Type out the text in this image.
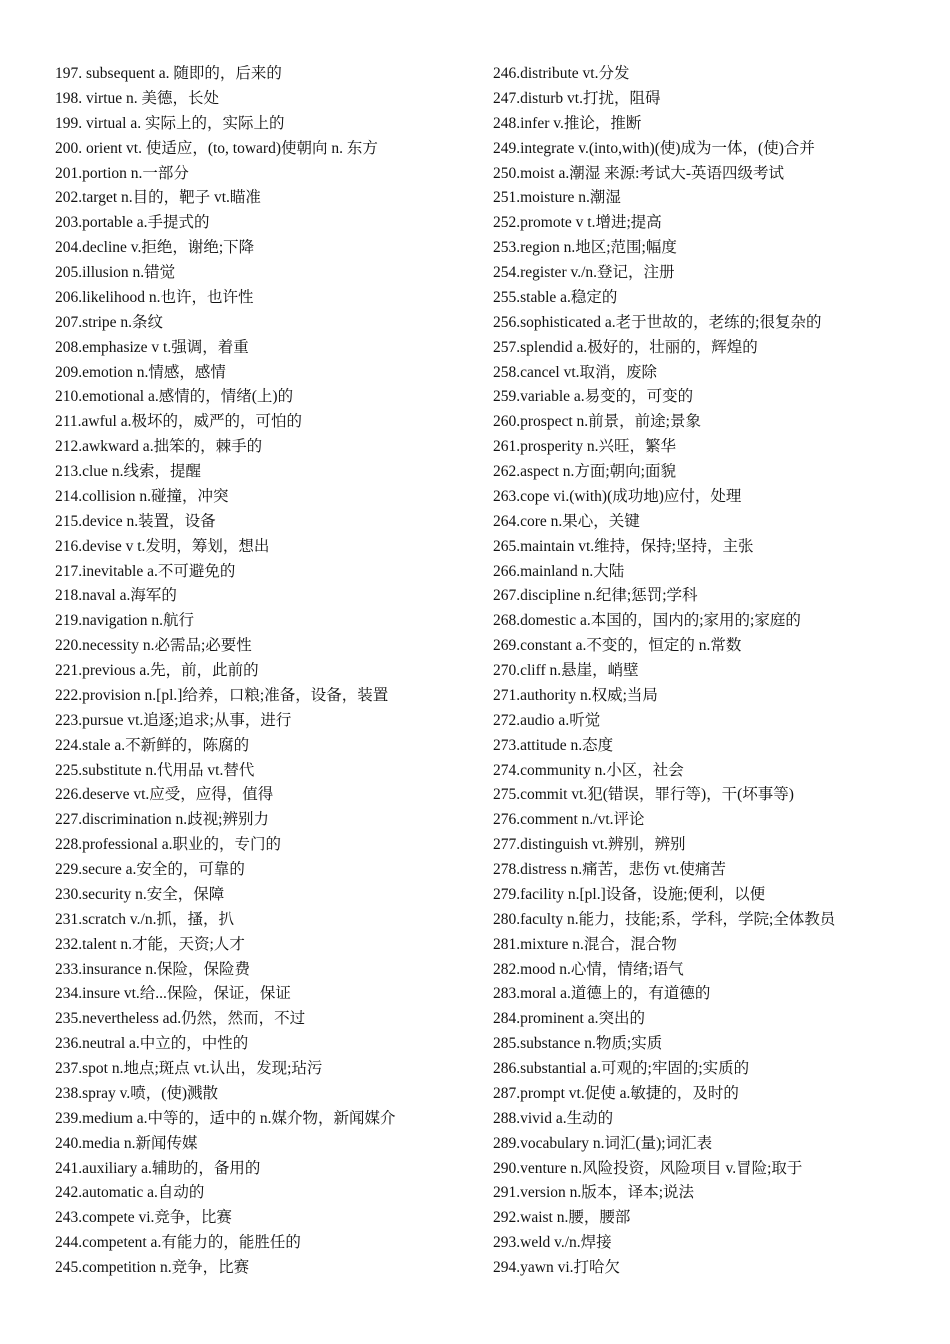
197. subsequent a. 随即的，后来的
198. virtue n. 美德，长处
199. virtual a. 实际上的，实际上的
200. orient vt. 使适应，(to, toward)使朝向 n. 东方
201.portion n.一部分
202.target n.目的，靶子 vt.瞄准
203.portable a.手提式的
204.decline v.拒绝，谢绝;下降
205.illusion n.错觉
206.likelihood n.也许，也许性
207.stripe n.条纹
208.emphasize v t.强调，着重
209.emotion n.情感，感情
210.emotional a.感情的，情绪(上)的
211.awful a.极坏的，威严的，可怕的
212.awkward a.拙笨的，棘手的
213.clue n.线索，提醒
214.collision n.碰撞，冲突
215.device n.装置，设备
216.devise v t.发明，筹划，想出
217.inevitable a.不可避免的
218.naval a.海军的
219.navigation n.航行
220.necessity n.必需品;必要性
221.previous a.先，前，此前的
222.provision n.[pl.]给养，口粮;准备，设备，装置
223.pursue vt.追逐;追求;从事，进行
224.stale a.不新鲜的，陈腐的
225.substitute n.代用品 vt.替代
226.deserve vt.应受，应得，值得
227.discrimination n.歧视;辨别力
228.professional a.职业的，专门的
229.secure a.安全的，可靠的
230.security n.安全，保障
231.scratch v./n.抓，搔，扒
232.talent n.才能，天资;人才
233.insurance n.保险，保险费
234.insure vt.给...保险，保证，保证
235.nevertheless ad.仍然，然而，不过
236.neutral a.中立的，中性的
237.spot n.地点;斑点 vt.认出，发现;玷污
238.spray v.喷，(使)溅散
239.medium a.中等的，适中的 n.媒介物，新闻媒介
240.media n.新闻传媒
241.auxiliary a.辅助的，备用的
242.automatic a.自动的
243.compete vi.竞争，比赛
244.competent a.有能力的，能胜任的
245.competition n.竞争，比赛
246.distribute vt.分发
247.disturb vt.打扰，阻碍
248.infer v.推论，推断
249.integrate v.(into,with)(使)成为一体，(使)合并
250.moist a.潮湿 来源:考试大-英语四级考试
251.moisture n.潮湿
252.promote v t.增进;提高
253.region n.地区;范围;幅度
254.register v./n.登记，注册
255.stable a.稳定的
256.sophisticated a.老于世故的，老练的;很复杂的
257.splendid a.极好的，壮丽的，辉煌的
258.cancel vt.取消，废除
259.variable a.易变的，可变的
260.prospect n.前景，前途;景象
261.prosperity n.兴旺，繁华
262.aspect n.方面;朝向;面貌
263.cope vi.(with)(成功地)应付，处理
264.core n.果心，关键
265.maintain vt.维持，保持;坚持，主张
266.mainland n.大陆
267.discipline n.纪律;惩罚;学科
268.domestic a.本国的，国内的;家用的;家庭的
269.constant a.不变的，恒定的 n.常数
270.cliff n.悬崖，峭壁
271.authority n.权威;当局
272.audio a.听觉
273.attitude n.态度
274.community n.小区，社会
275.commit vt.犯(错误，罪行等)，干(坏事等)
276.comment n./vt.评论
277.distinguish vt.辨别，辨别
278.distress n.痛苦，悲伤 vt.使痛苦
279.facility n.[pl.]设备，设施;便利，以便
280.faculty n.能力，技能;系，学科，学院;全体教员
281.mixture n.混合，混合物
282.mood n.心情，情绪;语气
283.moral a.道德上的，有道德的
284.prominent a.突出的
285.substance n.物质;实质
286.substantial a.可观的;牢固的;实质的
287.prompt vt.促使 a.敏捷的，及时的
288.vivid a.生动的
289.vocabulary n.词汇(量);词汇表
290.venture n.风险投资，风险项目 v.冒险;取于
291.version n.版本，译本;说法
292.waist n.腰，腰部
293.weld v./n.焊接
294.yawn vi.打哈欠
